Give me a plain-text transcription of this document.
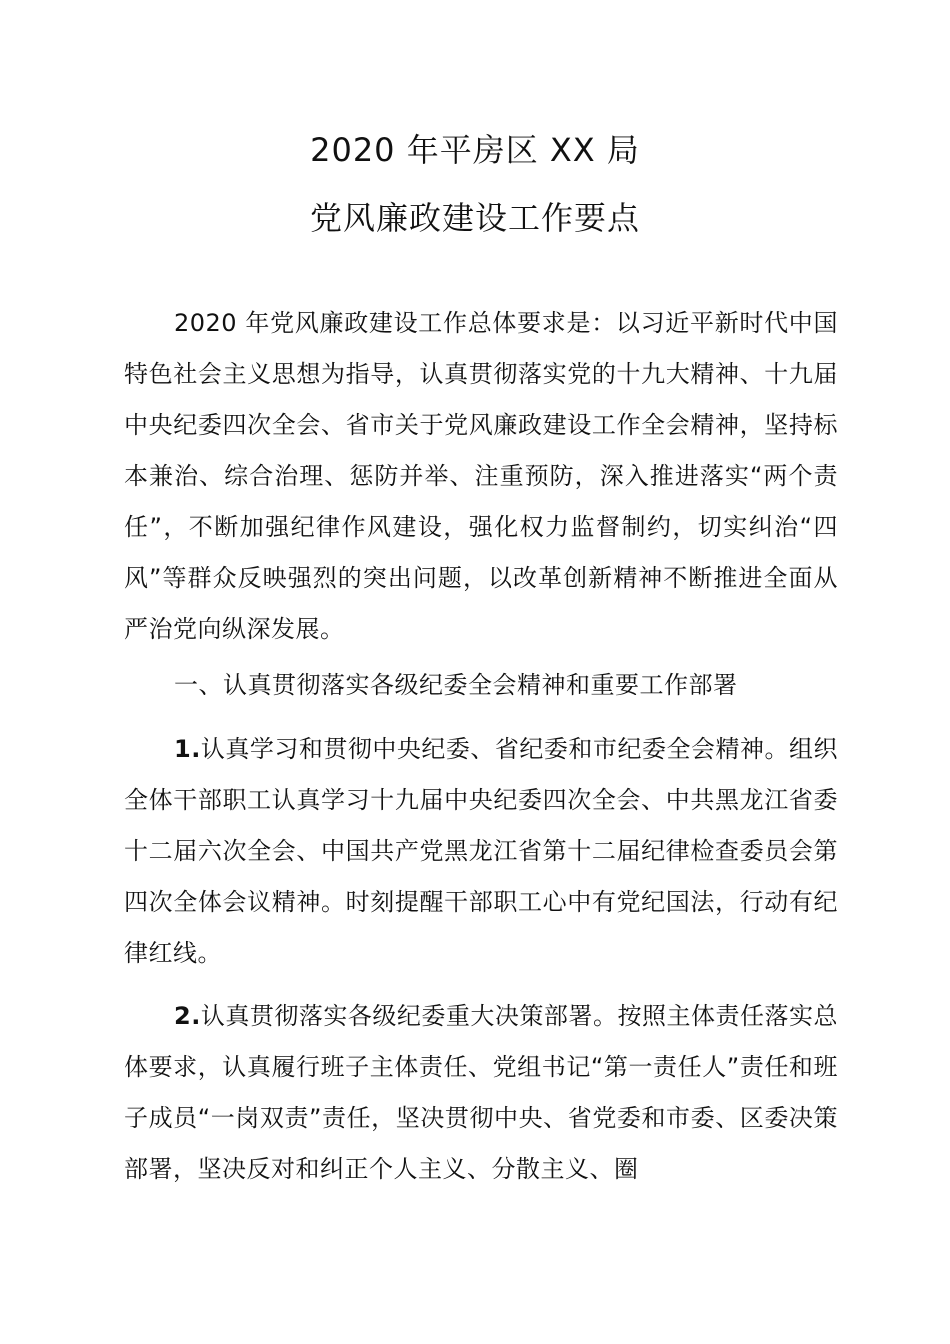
2020 年平房区 XX 局
党风廉政建设工作要点

2020 年党风廉政建设工作总体要求是：以习近平新时代中国特色社会主义思想为指导，认真贯彻落实党的十九大精神、十九届中央纪委四次全会、省市关于党风廉政建设工作全会精神，坚持标本兼治、综合治理、惩防并举、注重预防，深入推进落实“两个责任”，不断加强纪律作风建设，强化权力监督制约，切实纠治“四风”等群众反映强烈的突出问题，以改革创新精神不断推进全面从严治党向纵深发展。

一、认真贯彻落实各级纪委全会精神和重要工作部署

1.认真学习和贯彻中央纪委、省纪委和市纪委全会精神。组织全体干部职工认真学习十九届中央纪委四次全会、中共黑龙江省委十二届六次全会、中国共产党黑龙江省第十二届纪律检查委员会第四次全体会议精神。时刻提醒干部职工心中有党纪国法，行动有纪律红线。

2.认真贯彻落实各级纪委重大决策部署。按照主体责任落实总体要求，认真履行班子主体责任、党组书记“第一责任人”责任和班子成员“一岗双责”责任，坚决贯彻中央、省党委和市委、区委决策部署，坚决反对和纠正个人主义、分散主义、圈
